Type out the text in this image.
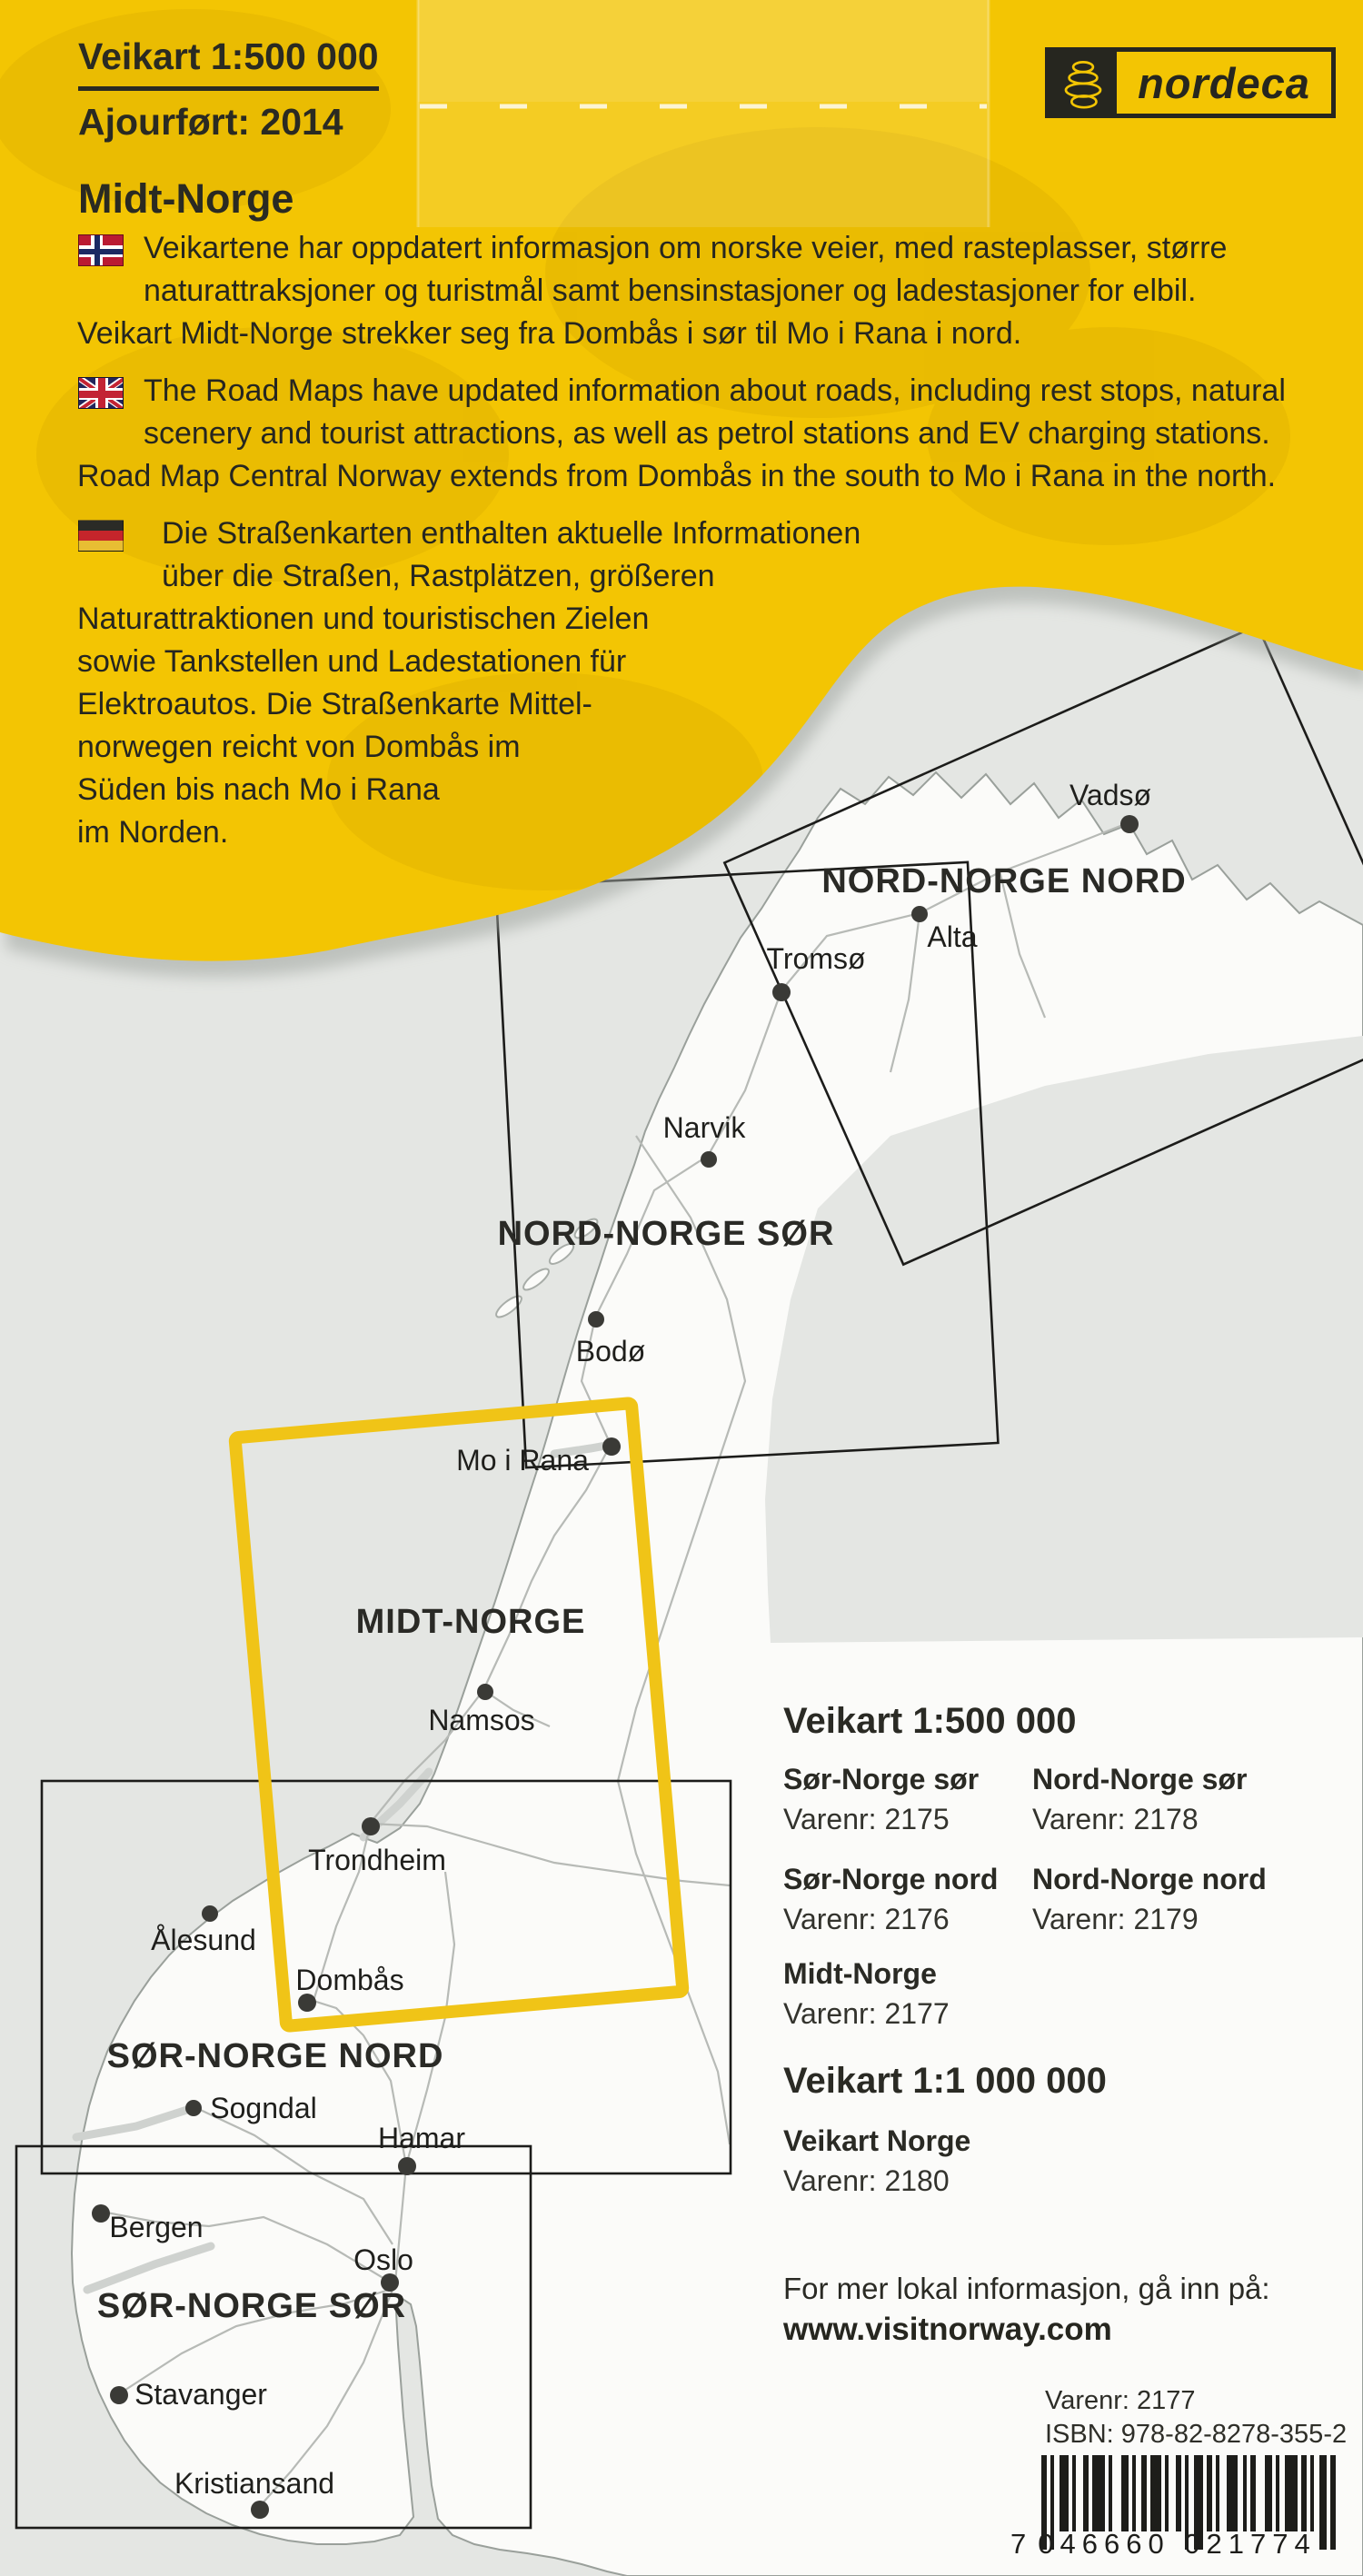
Vadsø
Alta
Tromsø
Narvik
Bodø
Mo i Rana
Namsos
Trondheim
Ålesund
Dombås
Sogndal
Hamar
Bergen
Oslo
Stavanger
Kristiansand
NORD-NORGE NORD
NORD-NORGE SØR
MIDT-NORGE
SØR-NORGE NORD
SØR-NORGE SØR
Veikart 1:500 000
Ajourført: 2014
Midt-Norge
nordeca
Veikartene har oppdatert informasjon om norske veier, med rasteplasser, større
naturattraksjoner og turistmål samt bensinstasjoner og ladestasjoner for elbil.
Veikart Midt-Norge strekker seg fra Dombås i sør til Mo i Rana i nord.
The Road Maps have updated information about roads, including rest stops, natural
scenery and tourist attractions, as well as petrol stations and EV charging stations.
Road Map Central Norway extends from Dombås in the south to Mo i Rana in the north.
Die Straßenkarten enthalten aktuelle Informationen
über die Straßen, Rastplätzen, größeren
Naturattraktionen und touristischen Zielen
sowie Tankstellen und Ladestationen für
Elektroautos. Die Straßenkarte Mittel-
norwegen reicht von Dombås im
Süden bis nach Mo i Rana
im Norden.
Veikart 1:500 000
Sør-Norge sør
Varenr: 2175
Nord-Norge sør
Varenr: 2178
Sør-Norge nord
Varenr: 2176
Nord-Norge nord
Varenr: 2179
Midt-Norge
Varenr: 2177
Veikart 1:1 000 000
Veikart Norge
Varenr: 2180
For mer lokal informasjon, gå inn på:
www.visitnorway.com
Varenr: 2177
ISBN: 978-82-8278-355-2
7 046660 021774
